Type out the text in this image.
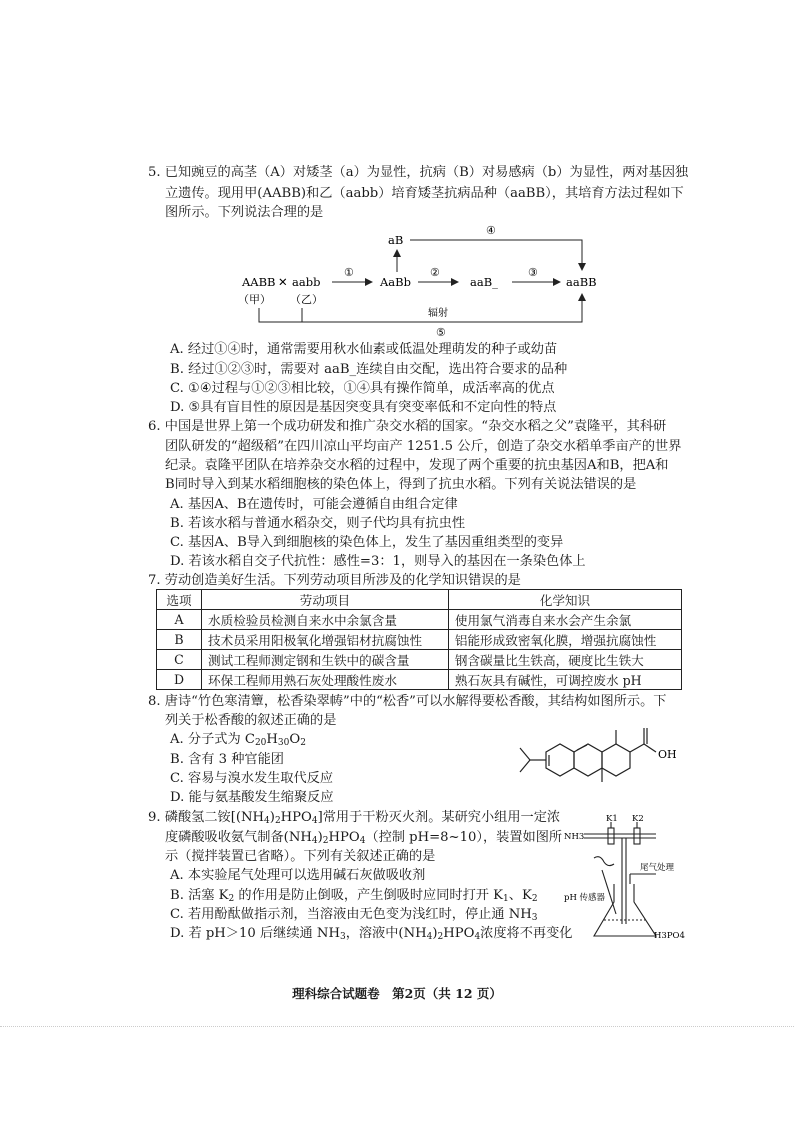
5. 已知豌豆的高茎（A）对矮茎（a）为显性，抗病（B）对易感病（b）为显性，两对基因独
立遗传。现用甲(AABB)和乙（aabb）培育矮茎抗病品种（aaBB），其培育方法过程如下
图所示。下列说法合理的是
AABB ✕ aabb
（甲） （乙）
①
AaBb
aB
④
②
aaB_
③
aaBB
辐射
⑤
A. 经过①④时，通常需要用秋水仙素或低温处理萌发的种子或幼苗
B. 经过①②③时，需要对 aaB_连续自由交配，选出符合要求的品种
C. ①④过程与①②③相比较，①④具有操作简单，成活率高的优点
D. ⑤具有盲目性的原因是基因突变具有突变率低和不定向性的特点
6. 中国是世界上第一个成功研发和推广杂交水稻的国家。“杂交水稻之父”袁隆平，其科研
团队研发的“超级稻”在四川凉山平均亩产 1251.5 公斤，创造了杂交水稻单季亩产的世界
纪录。袁隆平团队在培养杂交水稻的过程中，发现了两个重要的抗虫基因A和B，把A和
B同时导入到某水稻细胞核的染色体上，得到了抗虫水稻。下列有关说法错误的是
A. 基因A、B在遗传时，可能会遵循自由组合定律
B. 若该水稻与普通水稻杂交，则子代均具有抗虫性
C. 基因A、B导入到细胞核的染色体上，发生了基因重组类型的变异
D. 若该水稻自交子代抗性：感性=3：1，则导入的基因在一条染色体上
7. 劳动创造美好生活。下列劳动项目所涉及的化学知识错误的是
选项	劳动项目	化学知识
A	水质检验员检测自来水中余氯含量	使用氯气消毒自来水会产生余氯
B	技术员采用阳极氧化增强铝材抗腐蚀性	铝能形成致密氧化膜，增强抗腐蚀性
C	测试工程师测定钢和生铁中的碳含量	钢含碳量比生铁高，硬度比生铁大
D	环保工程师用熟石灰处理酸性废水	熟石灰具有碱性，可调控废水 pH
8. 唐诗“竹色寒清簟，松香染翠帱”中的“松香”可以水解得要松香酸，其结构如图所示。下
列关于松香酸的叙述正确的是
A. 分子式为 $C_{20}H_{30}O_2$
B. 含有 3 种官能团
C. 容易与溴水发生取代反应
D. 能与氨基酸发生缩聚反应
OH
9. 磷酸氢二铵$[(NH_4)_2HPO_4]$常用于干粉灭火剂。某研究小组用一定浓
度磷酸吸收氨气制备$(NH_4)_2HPO_4$（控制 pH=8~10），装置如图所
示（搅拌装置已省略）。下列有关叙述正确的是
A. 本实验尾气处理可以选用碱石灰做吸收剂
B. 活塞 $K_2$ 的作用是防止倒吸，产生倒吸时应同时打开 $K_1$、$K_2$
C. 若用酚酞做指示剂，当溶液由无色变为浅红时，停止通 $NH_3$
D. 若 pH＞10 后继续通 $NH_3$，溶液中$(NH_4)_2HPO_4$浓度将不再变化
K1 K2
NH3
pH 传感器
尾气处理
H3PO4
理科综合试题卷　第2页（共 12 页）
